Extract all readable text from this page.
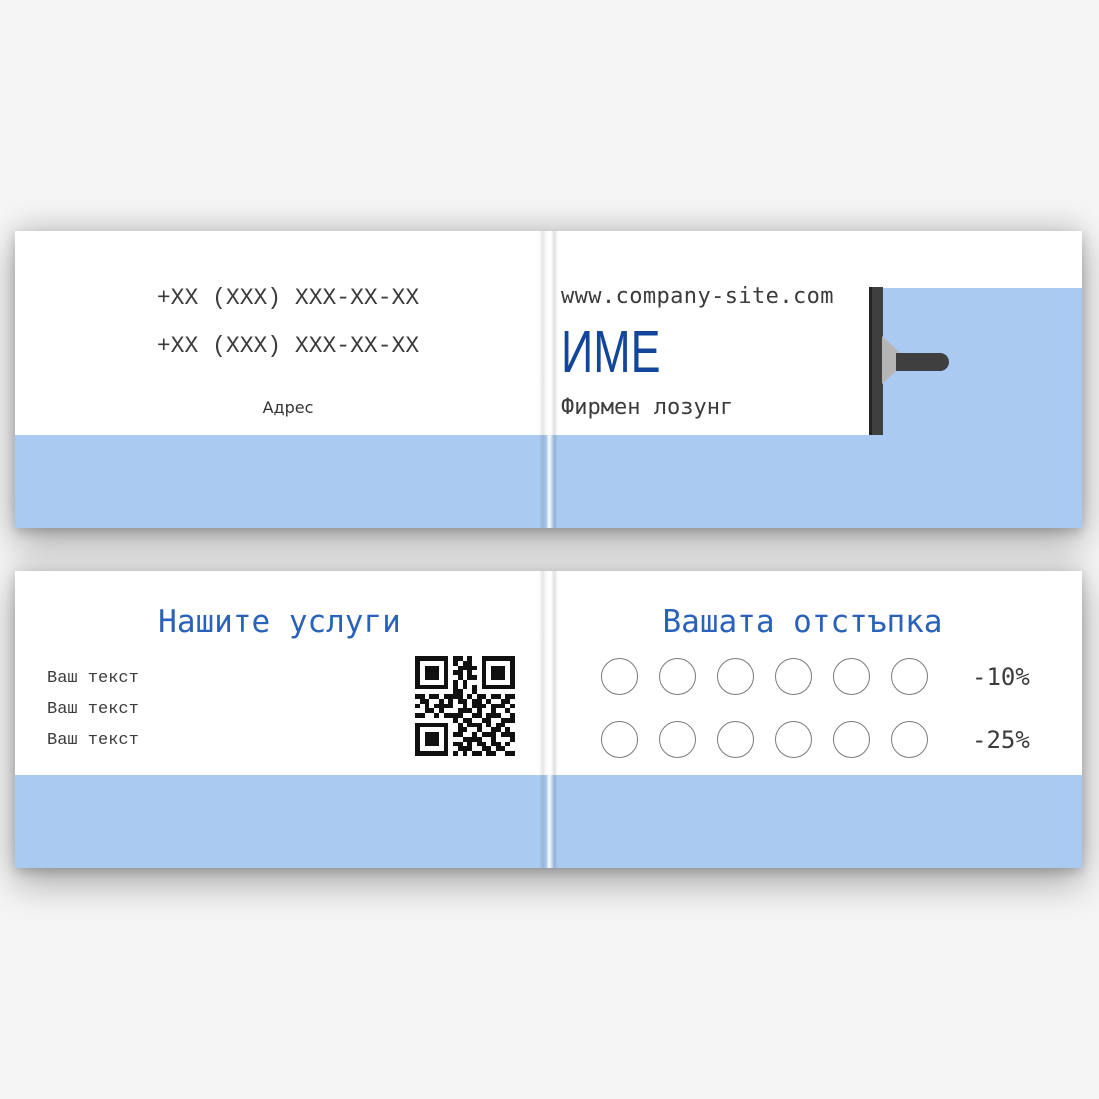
+XX (XXX) XXX-XX-XX
+XX (XXX) XXX-XX-XX
Адрес
www.company-site.com
ИМЕ
Фирмен лозунг
Нашите услуги
Ваш текст
Ваш текст
Ваш текст
Вашата отстъпка
-10%
-25%
